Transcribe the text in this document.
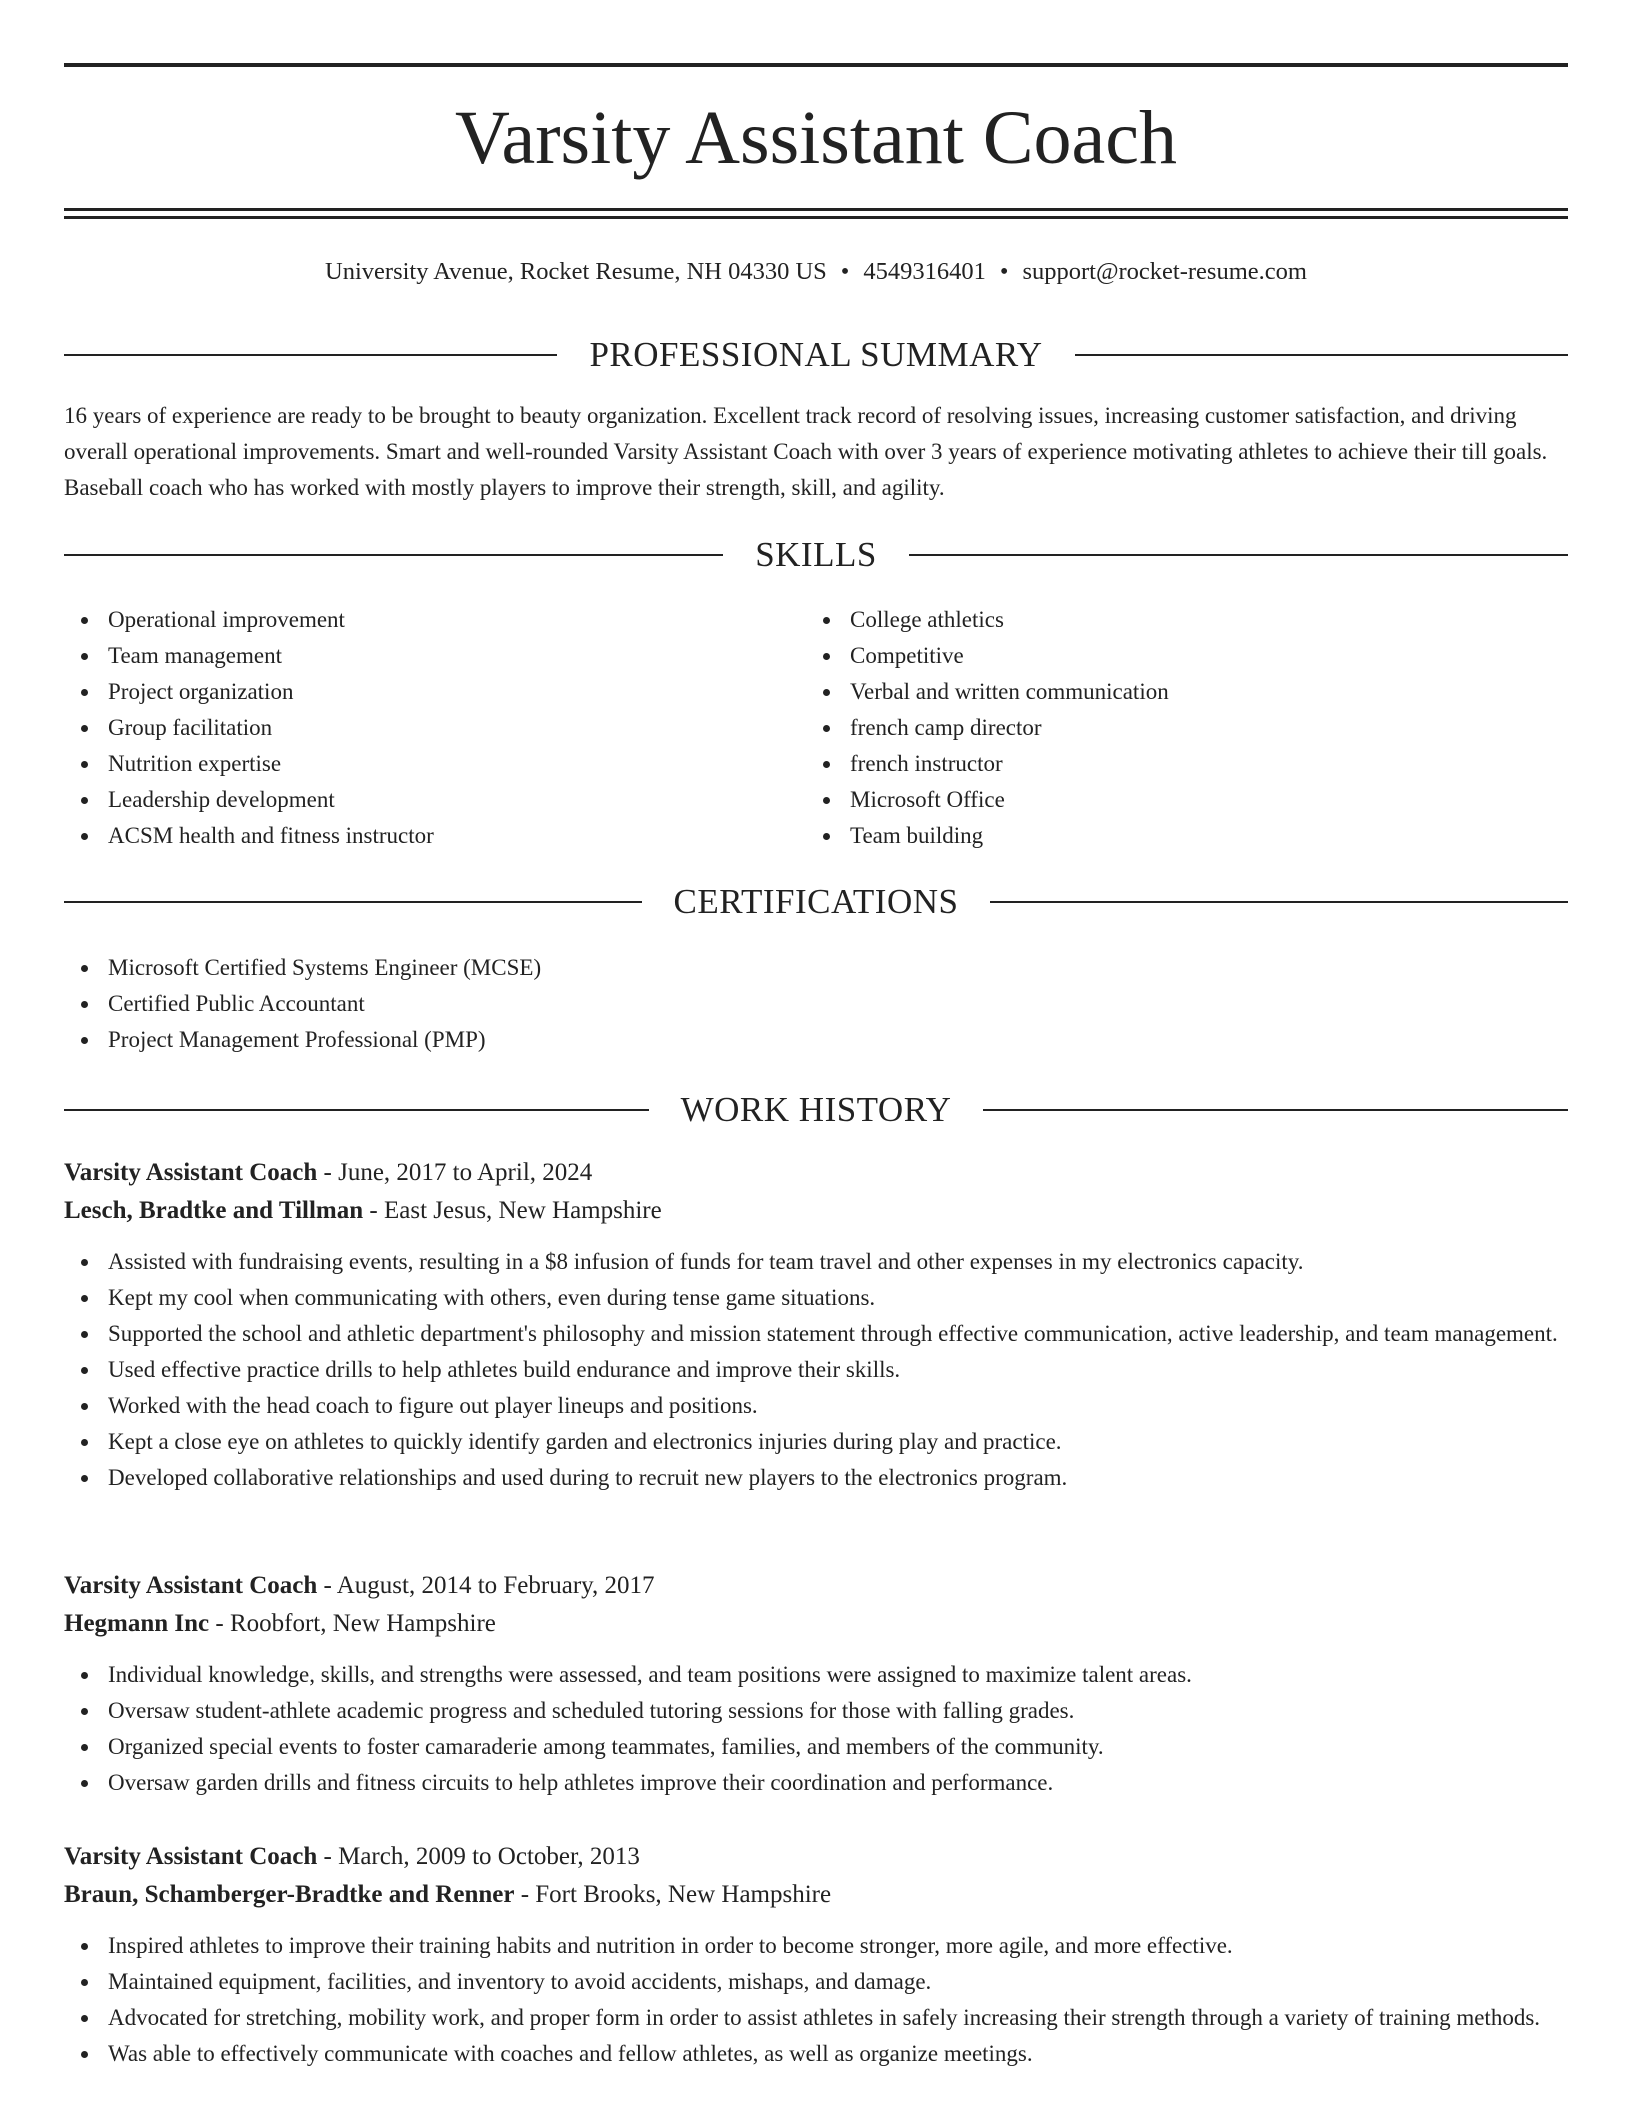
Varsity Assistant Coach
University Avenue, Rocket Resume, NH 04330 US • 4549316401 • support@rocket-resume.com
PROFESSIONAL SUMMARY

16 years of experience are ready to be brought to beauty organization. Excellent track record of resolving issues, increasing customer satisfaction, and driving overall operational improvements. Smart and well-rounded Varsity Assistant Coach with over 3 years of experience motivating athletes to achieve their till goals. Baseball coach who has worked with mostly players to improve their strength, skill, and agility.

SKILLS
Operational improvement
Team management
Project organization
Group facilitation
Nutrition expertise
Leadership development
ACSM health and fitness instructor
College athletics
Competitive
Verbal and written communication
french camp director
french instructor
Microsoft Office
Team building
CERTIFICATIONS
Microsoft Certified Systems Engineer (MCSE)
Certified Public Accountant
Project Management Professional (PMP)
WORK HISTORY
Varsity Assistant Coach - June, 2017 to April, 2024
Lesch, Bradtke and Tillman - East Jesus, New Hampshire
Assisted with fundraising events, resulting in a $8 infusion of funds for team travel and other expenses in my electronics capacity.
Kept my cool when communicating with others, even during tense game situations.
Supported the school and athletic department's philosophy and mission statement through effective communication, active leadership, and team management.
Used effective practice drills to help athletes build endurance and improve their skills.
Worked with the head coach to figure out player lineups and positions.
Kept a close eye on athletes to quickly identify garden and electronics injuries during play and practice.
Developed collaborative relationships and used during to recruit new players to the electronics program.
Varsity Assistant Coach - August, 2014 to February, 2017
Hegmann Inc - Roobfort, New Hampshire
Individual knowledge, skills, and strengths were assessed, and team positions were assigned to maximize talent areas.
Oversaw student-athlete academic progress and scheduled tutoring sessions for those with falling grades.
Organized special events to foster camaraderie among teammates, families, and members of the community.
Oversaw garden drills and fitness circuits to help athletes improve their coordination and performance.
Varsity Assistant Coach - March, 2009 to October, 2013
Braun, Schamberger-Bradtke and Renner - Fort Brooks, New Hampshire
Inspired athletes to improve their training habits and nutrition in order to become stronger, more agile, and more effective.
Maintained equipment, facilities, and inventory to avoid accidents, mishaps, and damage.
Advocated for stretching, mobility work, and proper form in order to assist athletes in safely increasing their strength through a variety of training methods.
Was able to effectively communicate with coaches and fellow athletes, as well as organize meetings.
